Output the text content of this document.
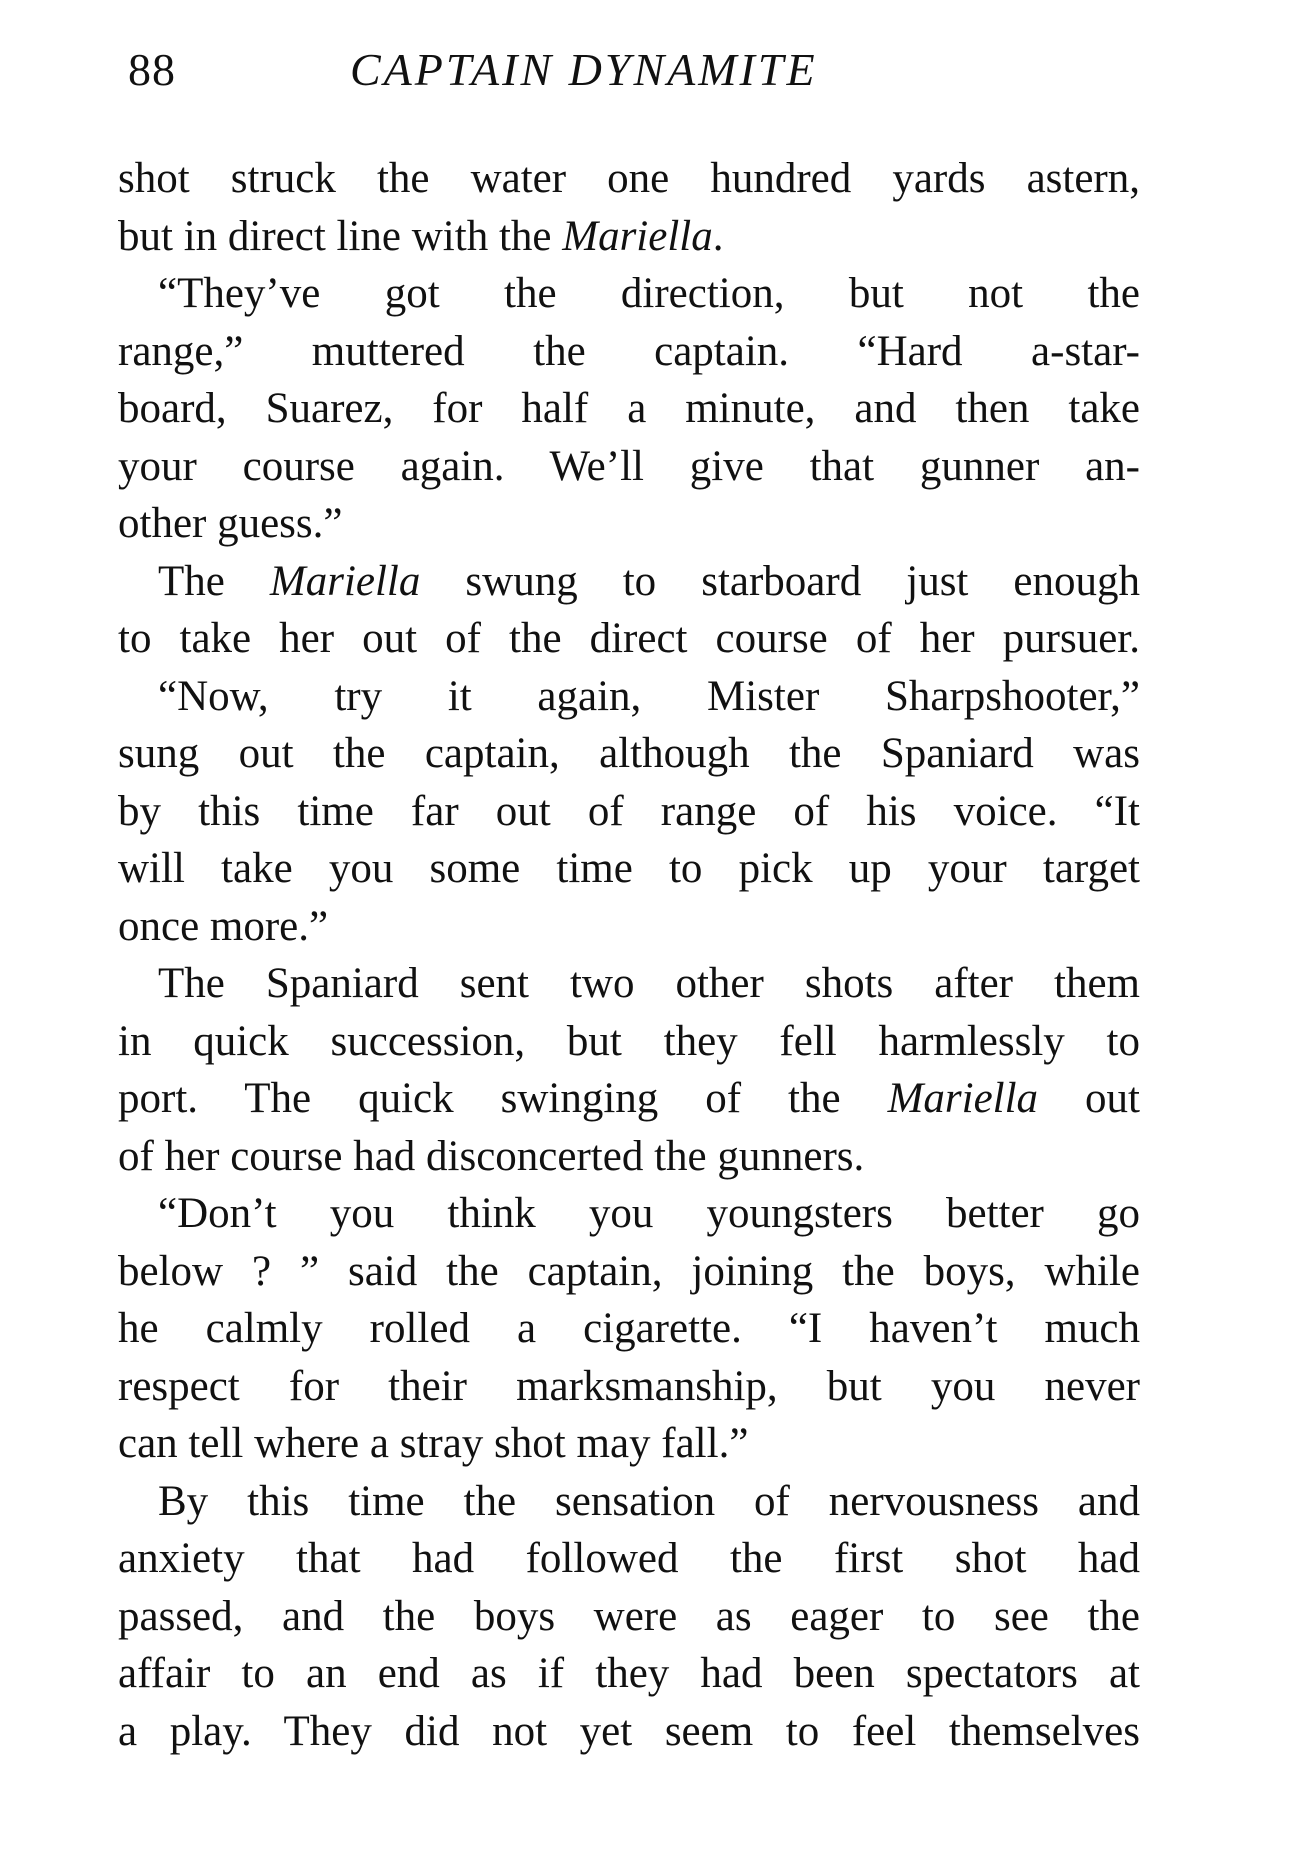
88	CAPTAIN DYNAMITE
shot struck the water one hundred yards astern,
but in direct line with the Mariella.
“They’ve got the direction, but not the
range,” muttered the captain. “Hard a-star-
board, Suarez, for half a minute, and then take
your course again. We’ll give that gunner an-
other guess.”
The Mariella swung to starboard just enough
to take her out of the direct course of her pursuer.
“Now, try it again, Mister Sharpshooter,”
sung out the captain, although the Spaniard was
by this time far out of range of his voice. “It
will take you some time to pick up your target
once more.”
The Spaniard sent two other shots after them
in quick succession, but they fell harmlessly to
port. The quick swinging of the Mariella out
of her course had disconcerted the gunners.
“Don’t you think you youngsters better go
below ? ” said the captain, joining the boys, while
he calmly rolled a cigarette. “I haven’t much
respect for their marksmanship, but you never
can tell where a stray shot may fall.”
By this time the sensation of nervousness and
anxiety that had followed the first shot had
passed, and the boys were as eager to see the
affair to an end as if they had been spectators at
a play. They did not yet seem to feel themselves
